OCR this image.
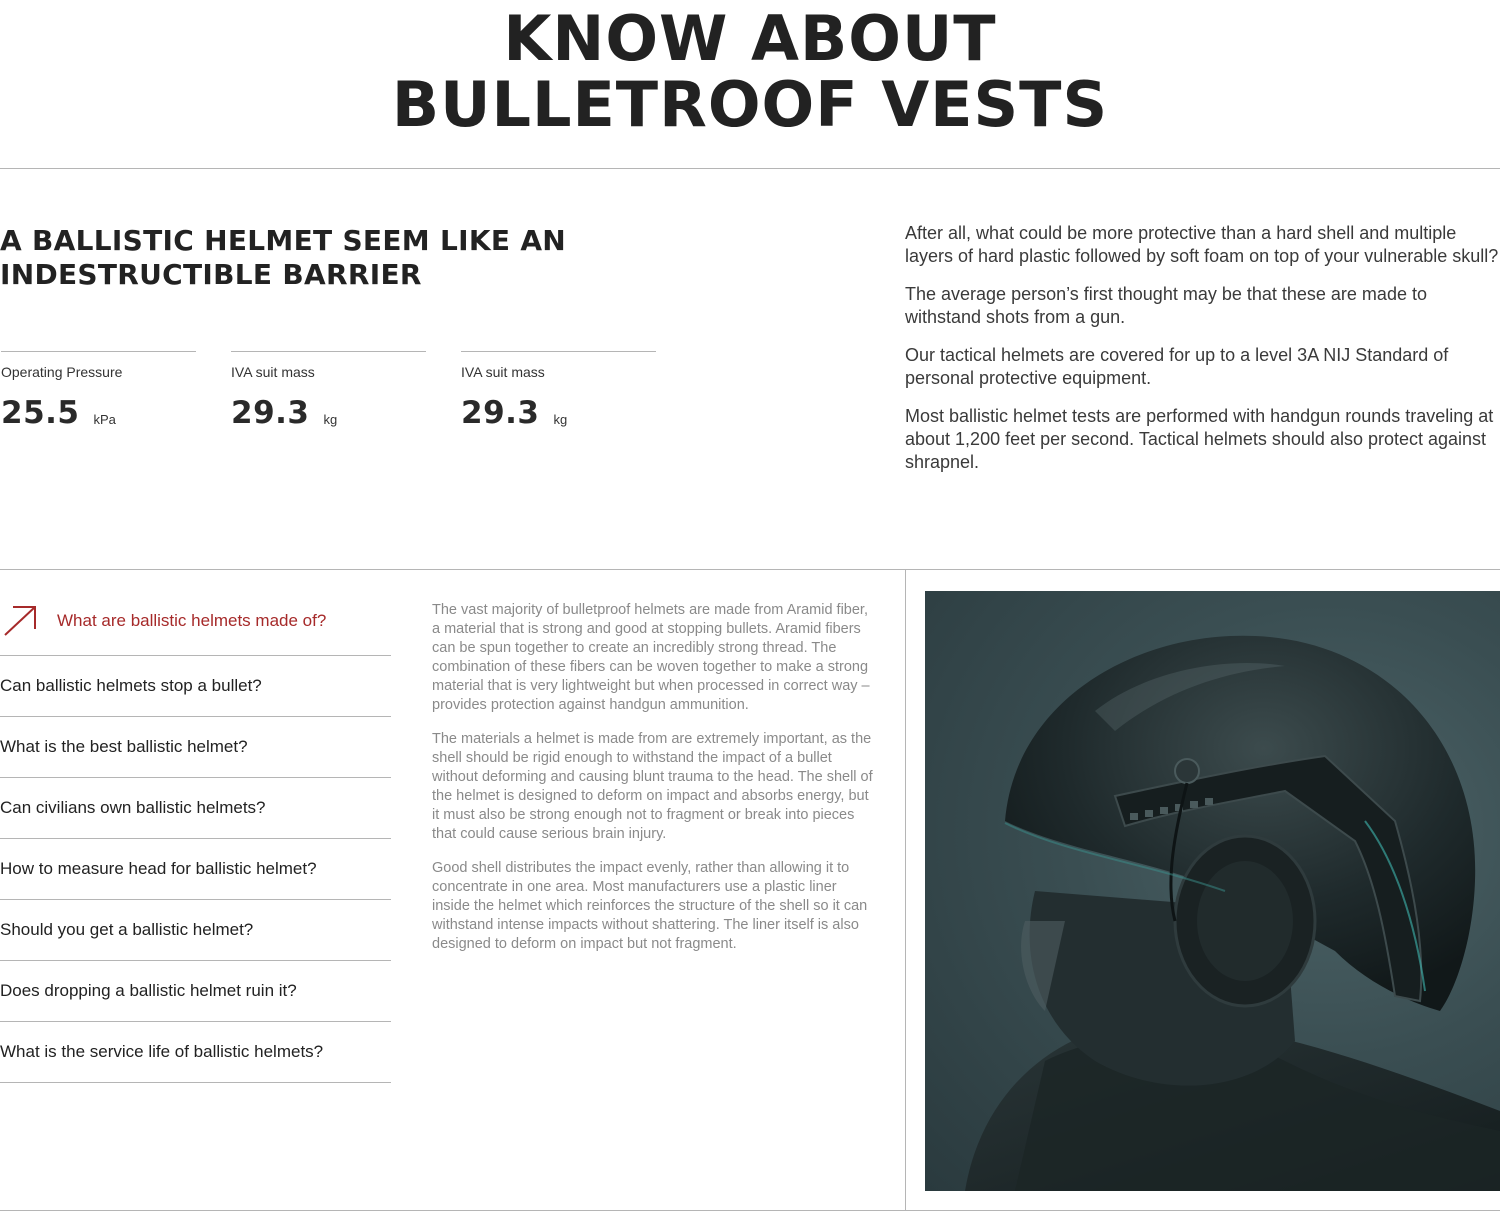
KNOW ABOUT
BULLETROOF VESTS
A BALLISTIC HELMET SEEM LIKE AN INDESTRUCTIBLE BARRIER
Operating Pressure
25.5 kPa
IVA suit mass
29.3 kg
IVA suit mass
29.3 kg

After all, what could be more protective than a hard shell and multiple layers of hard plastic followed by soft foam on top of your vulnerable skull?

The average person’s first thought may be that these are made to withstand shots from a gun.

Our tactical helmets are covered for up to a level 3A NIJ Standard of personal protective equipment.

Most ballistic helmet tests are performed with handgun rounds traveling at about 1,200 feet per second. Tactical helmets should also protect against shrapnel.

What are ballistic helmets made of?
Can ballistic helmets stop a bullet?
What is the best ballistic helmet?
Can civilians own ballistic helmets?
How to measure head for ballistic helmet?
Should you get a ballistic helmet?
Does dropping a ballistic helmet ruin it?
What is the service life of ballistic helmets?

The vast majority of bulletproof helmets are made from Aramid fiber, a material that is strong and good at stopping bullets. Aramid fibers can be spun together to create an incredibly strong thread. The combination of these fibers can be woven together to make a strong material that is very lightweight but when processed in correct way – provides protection against handgun ammunition.

The materials a helmet is made from are extremely important, as the shell should be rigid enough to withstand the impact of a bullet without deforming and causing blunt trauma to the head. The shell of the helmet is designed to deform on impact and absorbs energy, but it must also be strong enough not to fragment or break into pieces that could cause serious brain injury.

Good shell distributes the impact evenly, rather than allowing it to concentrate in one area. Most manufacturers use a plastic liner inside the helmet which reinforces the structure of the shell so it can withstand intense impacts without shattering. The liner itself is also designed to deform on impact but not fragment.
